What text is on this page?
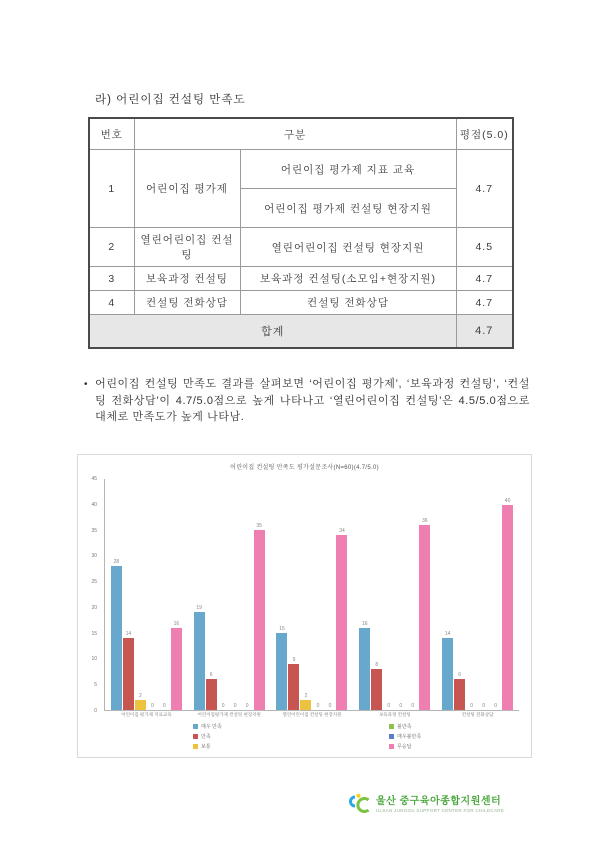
라) 어린이집 컨설팅 만족도
번호	구분		평점(5.0)
1	어린이집 평가제	어린이집 평가제 지표 교육	4.7
		어린이집 평가제 컨설팅 현장지원	
2	열린어린이집 컨설팅	열린어린이집 컨설팅 현장지원	4.5
3	보육과정 컨설팅	보육과정 컨설팅(소모임+현장지원)	4.7
4	컨설팅 전화상담	컨설팅 전화상담	4.7
합계			4.7
• 어린이집 컨설팅 만족도 결과를 살펴보면 ‘어린이집 평가제’, ‘보육과정 컨설팅’, ‘컨설팅 전화상담’이 4.7/5.0점으로 높게 나타나고 ‘열린어린이집 컨설팅’은 4.5/5.0점으로 대체로 만족도가 높게 나타남.
어린이집 컨설팅 만족도 평가설문조사(N=60)(4.7/5.0)
0
5
10
15
20
25
30
35
40
45
28
14
2
0 0
16
어린이집 평가제 지표교육
19
6
0 0 0
35
어린이집평가제 컨설팅 현장지원
15
9
2
0 0
34
열린어린이집 컨설팅 현장지원
16
8
0 0 0
36
보육과정 컨설팅
14
6
0 0 0
40
컨설팅 전화상담
매우 만족
만족
보통
불만족
매우불만족
무응답
울산 중구육아종합지원센터
ULSAN JUNGGU SUPPORT CENTER FOR CHILDCARE
